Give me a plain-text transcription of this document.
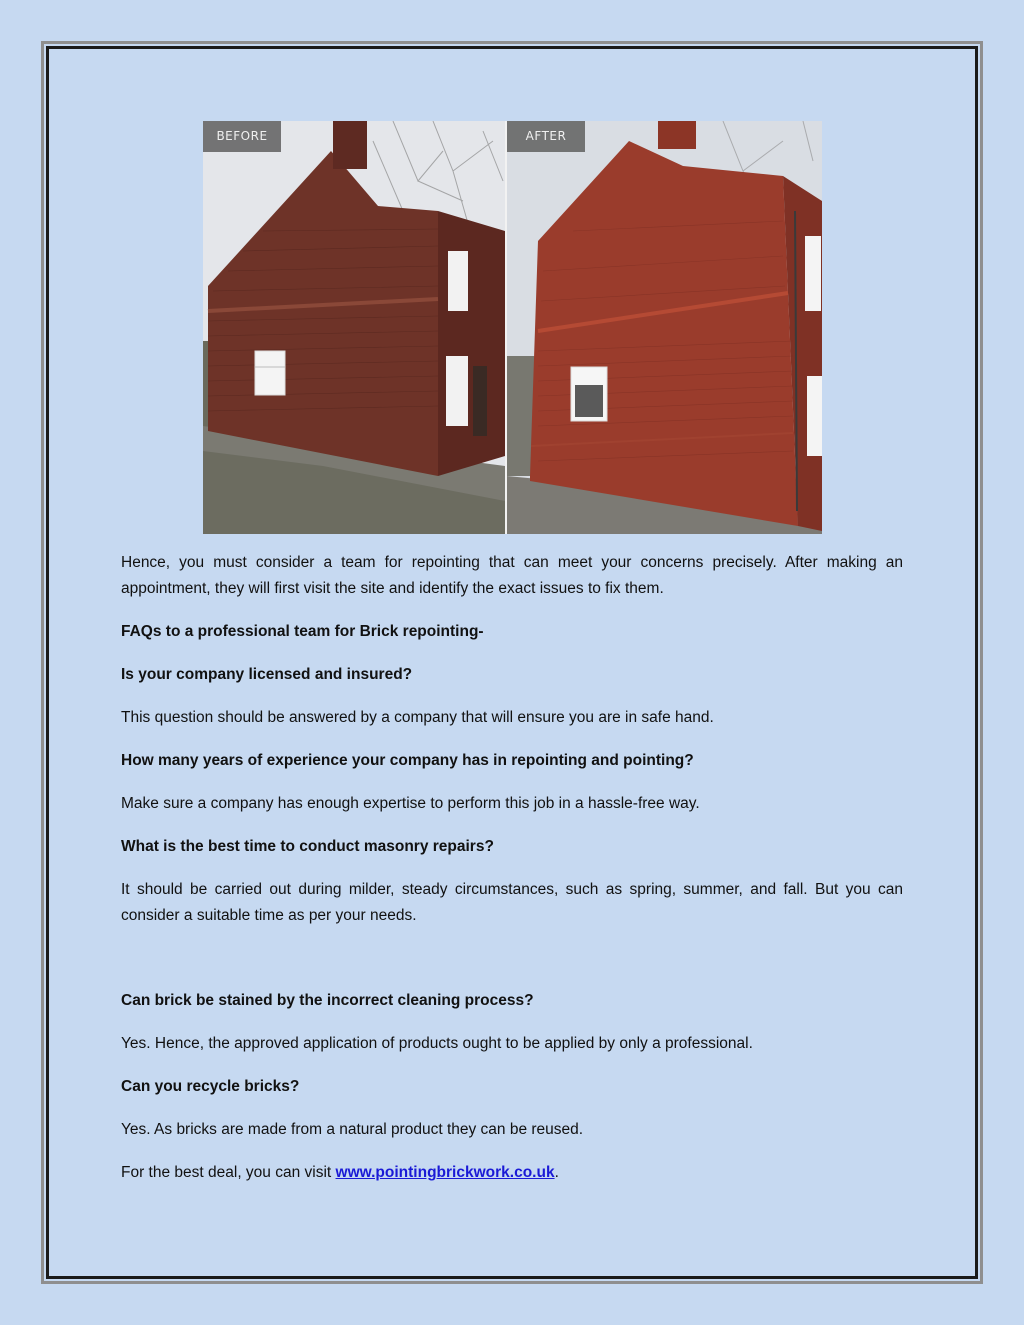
BEFORE	AFTER

Hence, you must consider a team for repointing that can meet your concerns precisely. After making an appointment, they will first visit the site and identify the exact issues to fix them.

FAQs to a professional team for Brick repointing-

Is your company licensed and insured?

This question should be answered by a company that will ensure you are in safe hand.

How many years of experience your company has in repointing and pointing?

Make sure a company has enough expertise to perform this job in a hassle-free way.

What is the best time to conduct masonry repairs?

It should be carried out during milder, steady circumstances, such as spring, summer, and fall. But you can consider a suitable time as per your needs.

Can brick be stained by the incorrect cleaning process?

Yes. Hence, the approved application of products ought to be applied by only a professional.

Can you recycle bricks?

Yes. As bricks are made from a natural product they can be reused.

For the best deal, you can visit www.pointingbrickwork.co.uk.
